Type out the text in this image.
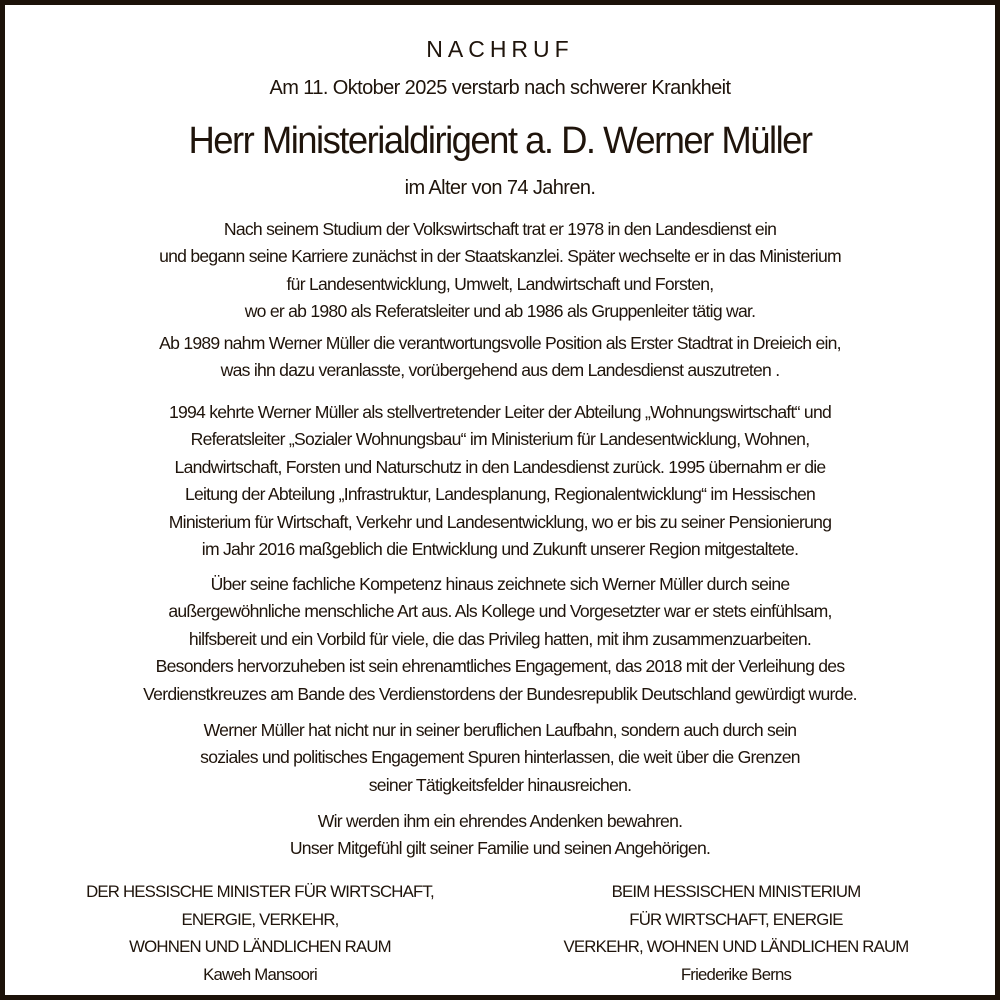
NACHRUF
Am 11. Oktober 2025 verstarb nach schwerer Krankheit
Herr Ministerialdirigent a. D. Werner Müller
im Alter von 74 Jahren.
Nach seinem Studium der Volkswirtschaft trat er 1978 in den Landesdienst ein
und begann seine Karriere zunächst in der Staatskanzlei. Später wechselte er in das Ministerium
für Landesentwicklung, Umwelt, Landwirtschaft und Forsten,
wo er ab 1980 als Referatsleiter und ab 1986 als Gruppenleiter tätig war.
Ab 1989 nahm Werner Müller die verantwortungsvolle Position als Erster Stadtrat in Dreieich ein,
was ihn dazu veranlasste, vorübergehend aus dem Landesdienst auszutreten .
1994 kehrte Werner Müller als stellvertretender Leiter der Abteilung „Wohnungswirtschaft“ und
Referatsleiter „Sozialer Wohnungsbau“ im Ministerium für Landesentwicklung, Wohnen,
Landwirtschaft, Forsten und Naturschutz in den Landesdienst zurück. 1995 übernahm er die
Leitung der Abteilung „Infrastruktur, Landesplanung, Regionalentwicklung“ im Hessischen
Ministerium für Wirtschaft, Verkehr und Landesentwicklung, wo er bis zu seiner Pensionierung
im Jahr 2016 maßgeblich die Entwicklung und Zukunft unserer Region mitgestaltete.
Über seine fachliche Kompetenz hinaus zeichnete sich Werner Müller durch seine
außergewöhnliche menschliche Art aus. Als Kollege und Vorgesetzter war er stets einfühlsam,
hilfsbereit und ein Vorbild für viele, die das Privileg hatten, mit ihm zusammenzuarbeiten.
Besonders hervorzuheben ist sein ehrenamtliches Engagement, das 2018 mit der Verleihung des
Verdienstkreuzes am Bande des Verdienstordens der Bundesrepublik Deutschland gewürdigt wurde.
Werner Müller hat nicht nur in seiner beruflichen Laufbahn, sondern auch durch sein
soziales und politisches Engagement Spuren hinterlassen, die weit über die Grenzen
seiner Tätigkeitsfelder hinausreichen.
Wir werden ihm ein ehrendes Andenken bewahren.
Unser Mitgefühl gilt seiner Familie und seinen Angehörigen.
DER HESSISCHE MINISTER FÜR WIRTSCHAFT,
ENERGIE, VERKEHR,
WOHNEN UND LÄNDLICHEN RAUM
Kaweh Mansoori
BEIM HESSISCHEN MINISTERIUM
FÜR WIRTSCHAFT, ENERGIE
VERKEHR, WOHNEN UND LÄNDLICHEN RAUM
Friederike Berns
